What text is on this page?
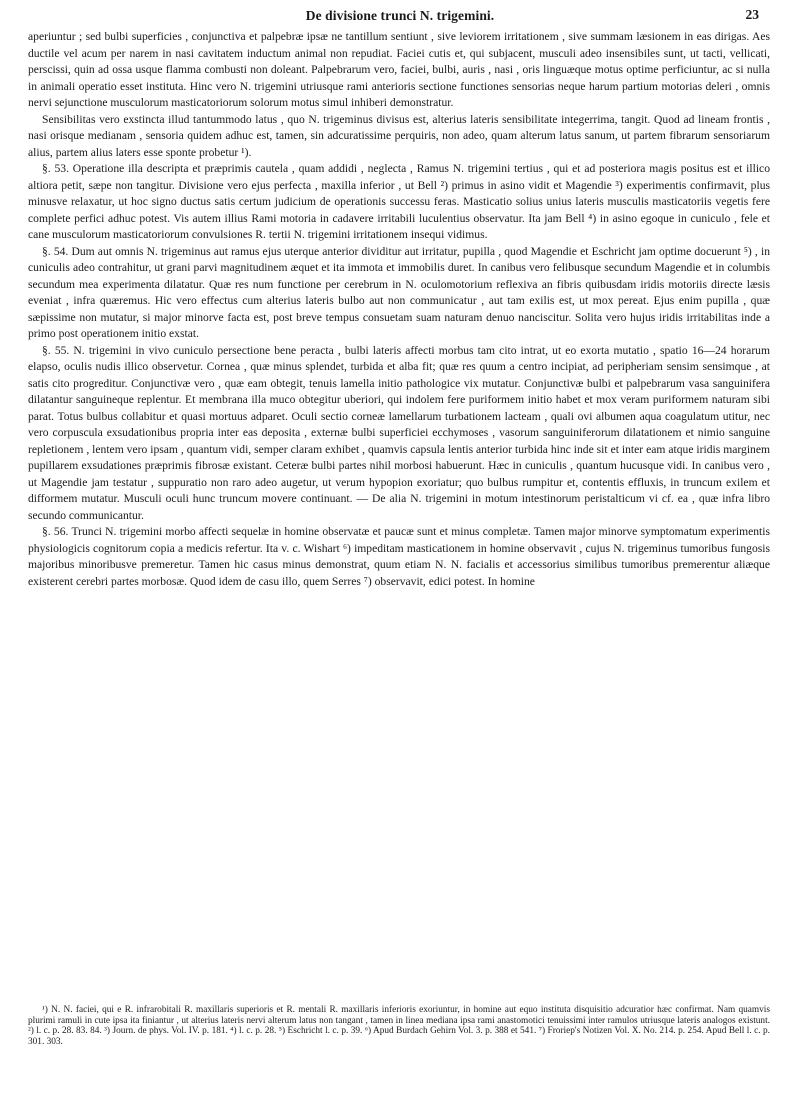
De divisione trunci N. trigemini.	23

aperiuntur ; sed bulbi superficies , conjunctiva et palpebræ ipsæ ne tantillum sentiunt , sive leviorem irritationem , sive summam læsionem in eas dirigas. Aes ductile vel acum per narem in nasi cavitatem inductum animal non repudiat. Faciei cutis et, qui subjacent, musculi adeo insensibiles sunt, ut tacti, vellicati, perscissi, quin ad ossa usque flamma combusti non doleant. Palpebrarum vero, faciei, bulbi, auris , nasi , oris linguæque motus optime perficiuntur, ac si nulla in animali operatio esset instituta. Hinc vero N. trigemini utriusque rami anterioris sectione functiones sensorias neque harum partium motorias deleri , omnis nervi sejunctione musculorum masticatoriorum solorum motus simul inhiberi demonstratur.

Sensibilitas vero exstincta illud tantummodo latus , quo N. trigeminus divisus est, alterius lateris sensibilitate integerrima, tangit. Quod ad lineam frontis , nasi orisque medianam , sensoria quidem adhuc est, tamen, sin adcuratissime perquiris, non adeo, quam alterum latus sanum, ut partem fibrarum sensoriarum alius, partem alius laters esse sponte probetur ¹).

§. 53. Operatione illa descripta et præprimis cautela , quam addidi , neglecta , Ramus N. trigemini tertius , qui et ad posteriora magis positus est et illico altiora petit, sæpe non tangitur. Divisione vero ejus perfecta , maxilla inferior , ut Bell ²) primus in asino vidit et Magendie ³) experimentis confirmavit, plus minusve relaxatur, ut hoc signo ductus satis certum judicium de operationis successu feras. Masticatio solius unius lateris musculis masticatoriis vegetis fere complete perfici adhuc potest. Vis autem illius Rami motoria in cadavere irritabili luculentius observatur. Ita jam Bell ⁴) in asino egoque in cuniculo , fele et cane musculorum masticatoriorum convulsiones R. tertii N. trigemini irritationem insequi vidimus.

§. 54. Dum aut omnis N. trigeminus aut ramus ejus uterque anterior dividitur aut irritatur, pupilla , quod Magendie et Eschricht jam optime docuerunt ⁵) , in cuniculis adeo contrahitur, ut grani parvi magnitudinem æquet et ita immota et immobilis duret. In canibus vero felibusque secundum Magendie et in columbis secundum mea experimenta dilatatur. Quæ res num functione per cerebrum in N. oculomotorium reflexiva an fibris quibusdam iridis motoriis directe læsis eveniat , infra quæremus. Hic vero effectus cum alterius lateris bulbo aut non communicatur , aut tam exilis est, ut mox pereat. Ejus enim pupilla , quæ sæpissime non mutatur, si major minorve facta est, post breve tempus consuetam suam naturam denuo nanciscitur. Solita vero hujus iridis irritabilitas inde a primo post operationem initio exstat.

§. 55. N. trigemini in vivo cuniculo persectione bene peracta , bulbi lateris affecti morbus tam cito intrat, ut eo exorta mutatio , spatio 16—24 horarum elapso, oculis nudis illico observetur. Cornea , quæ minus splendet, turbida et alba fit; quæ res quum a centro incipiat, ad peripheriam sensim sensimque , at satis cito progreditur. Conjunctivæ vero , quæ eam obtegit, tenuis lamella initio pathologice vix mutatur. Conjunctivæ bulbi et palpebrarum vasa sanguinifera dilatantur sanguineque replentur. Et membrana illa muco obtegitur uberiori, qui indolem fere puriformem initio habet et mox veram puriformem naturam sibi parat. Totus bulbus collabitur et quasi mortuus adparet. Oculi sectio corneæ lamellarum turbationem lacteam , quali ovi albumen aqua coagulatum utitur, nec vero corpuscula exsudationibus propria inter eas deposita , externæ bulbi superficiei ecchymoses , vasorum sanguiniferorum dilatationem et nimio sanguine repletionem , lentem vero ipsam , quantum vidi, semper claram exhibet , quamvis capsula lentis anterior turbida hinc inde sit et inter eam atque iridis marginem pupillarem exsudationes præprimis fibrosæ existant. Ceteræ bulbi partes nihil morbosi habuerunt. Hæc in cuniculis , quantum hucusque vidi. In canibus vero , ut Magendie jam testatur , suppuratio non raro adeo augetur, ut verum hypopion exoriatur; quo bulbus rumpitur et, contentis effluxis, in truncum exilem et difformem mutatur. Musculi oculi hunc truncum movere continuant. — De alia N. trigemini in motum intestinorum peristalticum vi cf. ea , quæ infra libro secundo communicantur.

§. 56. Trunci N. trigemini morbo affecti sequelæ in homine observatæ et paucæ sunt et minus completæ. Tamen major minorve symptomatum experimentis physiologicis cognitorum copia a medicis refertur. Ita v. c. Wishart ⁶) impeditam masticationem in homine observavit , cujus N. trigeminus tumoribus fungosis majoribus minoribusve premeretur. Tamen hic casus minus demonstrat, quum etiam N. N. facialis et accessorius similibus tumoribus premerentur aliæque existerent cerebri partes morbosæ. Quod idem de casu illo, quem Serres ⁷) observavit, edici potest. In homine

¹) N. N. faciei, qui e R. infrarobitali R. maxillaris superioris et R. mentali R. maxillaris inferioris exoriuntur, in homine aut equo instituta disquisitio adcuratior hæc confirmat. Nam quamvis plurimi ramuli in cute ipsa ita finiantur , ut alterius lateris nervi alterum latus non tangant , tamen in linea mediana ipsa rami anastomotici tenuissimi inter ramulos utriusque lateris analogos existunt. ²) l. c. p. 28. 83. 84. ³) Journ. de phys. Vol. IV. p. 181. ⁴) l. c. p. 28. ⁵) Eschricht l. c. p. 39. ⁶) Apud Burdach Gehirn Vol. 3. p. 388 et 541. ⁷) Froriep's Notizen Vol. X. No. 214. p. 254. Apud Bell l. c. p. 301. 303.
